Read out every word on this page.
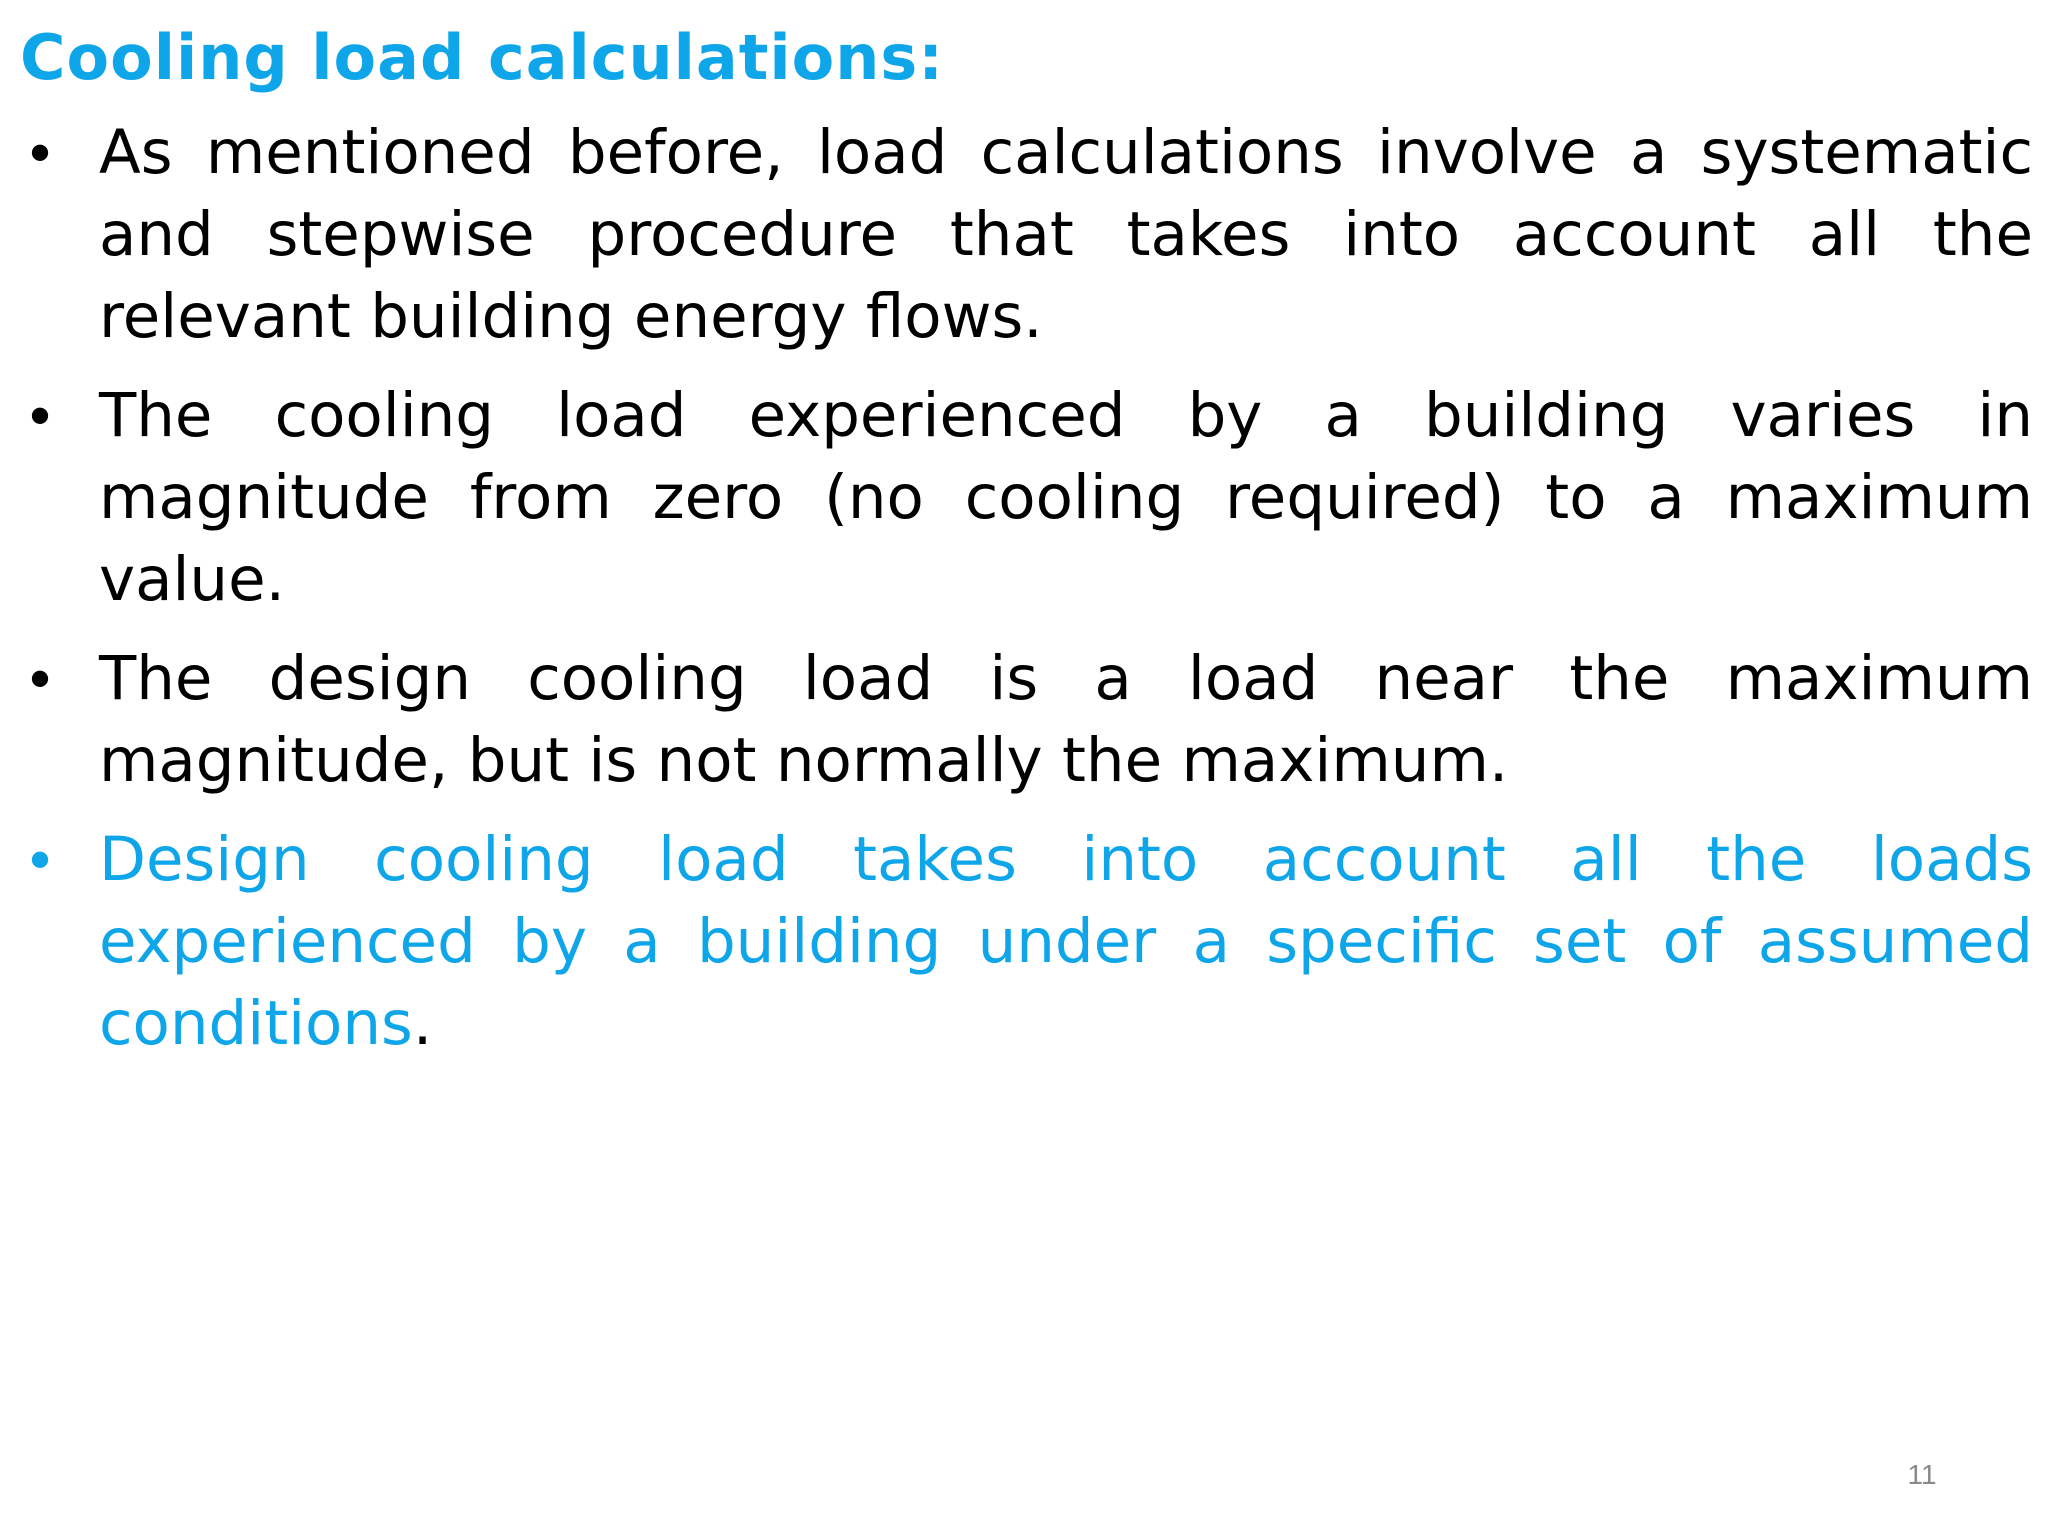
Cooling load calculations:
• As mentioned before, load calculations involve a systematic and stepwise procedure that takes into account all the relevant building energy flows.
• The cooling load experienced by a building varies in magnitude from zero (no cooling required) to a maximum value.
• The design cooling load is a load near the maximum magnitude, but is not normally the maximum.
• Design cooling load takes into account all the loads experienced by a building under a specific set of assumed conditions.
11
